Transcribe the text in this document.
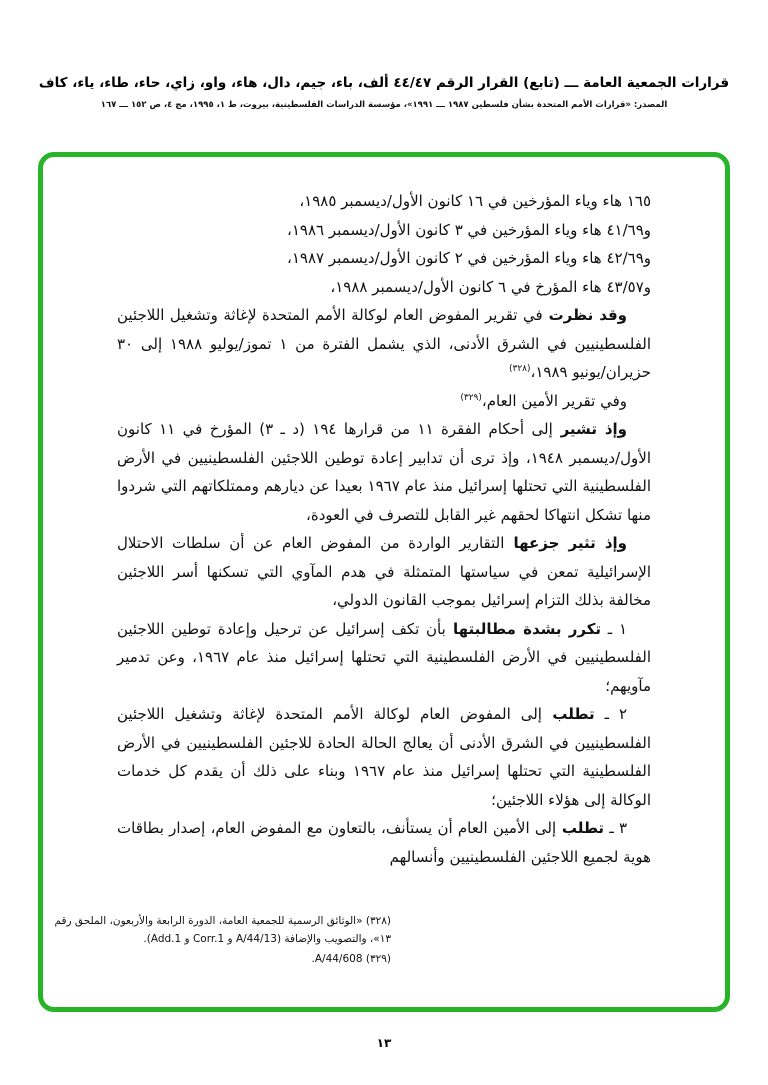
قرارات الجمعية العامة ـــ (تابع) القرار الرقم ٤٤/٤٧ ألف، باء، جيم، دال، هاء، واو، زاي، حاء، طاء، ياء، كاف
المصدر: «قرارات الأمم المتحدة بشأن فلسطين ١٩٨٧ ـــ ١٩٩١»، مؤسسة الدراسات الفلسطينية، بيروت، ط ١، ١٩٩٥، مج ٤، ص ١٥٢ ـــ ١٦٧

١٦٥ هاء وياء المؤرخين في ١٦ كانون الأول/ديسمبر ١٩٨٥،

و٤١/٦٩ هاء وياء المؤرخين في ٣ كانون الأول/ديسمبر ١٩٨٦،

و٤٢/٦٩ هاء وياء المؤرخين في ٢ كانون الأول/ديسمبر ١٩٨٧،

و٤٣/٥٧ هاء المؤرخ في ٦ كانون الأول/ديسمبر ١٩٨٨،

وقد نظرت في تقرير المفوض العام لوكالة الأمم المتحدة لإغاثة وتشغيل اللاجئين الفلسطينيين في الشرق الأدنى، الذي يشمل الفترة من ١ تموز/يوليو ١٩٨٨ إلى ٣٠ حزيران/يونيو ١٩٨٩،$^{(٣٢٨)}$

وفي تقرير الأمين العام،$^{(٣٢٩)}$

وإذ تشير إلى أحكام الفقرة ١١ من قرارها ١٩٤ (د ـ ٣) المؤرخ في ١١ كانون الأول/ديسمبر ١٩٤٨، وإذ ترى أن تدابير إعادة توطين اللاجئين الفلسطينيين في الأرض الفلسطينية التي تحتلها إسرائيل منذ عام ١٩٦٧ بعيدا عن ديارهم وممتلكاتهم التي شردوا منها تشكل انتهاكا لحقهم غير القابل للتصرف في العودة،

وإذ تثير جزعها التقارير الواردة من المفوض العام عن أن سلطات الاحتلال الإسرائيلية تمعن في سياستها المتمثلة في هدم المآوي التي تسكنها أسر اللاجئين مخالفة بذلك التزام إسرائيل بموجب القانون الدولي،

١ ـ تكرر بشدة مطالبتها بأن تكف إسرائيل عن ترحيل وإعادة توطين اللاجئين الفلسطينيين في الأرض الفلسطينية التي تحتلها إسرائيل منذ عام ١٩٦٧، وعن تدمير مآويهم؛

٢ ـ تطلب إلى المفوض العام لوكالة الأمم المتحدة لإغاثة وتشغيل اللاجئين الفلسطينيين في الشرق الأدنى أن يعالج الحالة الحادة للاجئين الفلسطينيين في الأرض الفلسطينية التي تحتلها إسرائيل منذ عام ١٩٦٧ وبناء على ذلك أن يقدم كل خدمات الوكالة إلى هؤلاء اللاجئين؛

٣ ـ تطلب إلى الأمين العام أن يستأنف، بالتعاون مع المفوض العام، إصدار بطاقات هوية لجميع اللاجئين الفلسطينيين وأنسالهم

(٣٢٨) «الوثائق الرسمية للجمعية العامة، الدورة الرابعة والأربعون، الملحق رقم ١٣»، والتصويب والإضافة (A/44/13 و Corr.1 و Add.1).

(٣٢٩) A/44/608.

١٣
